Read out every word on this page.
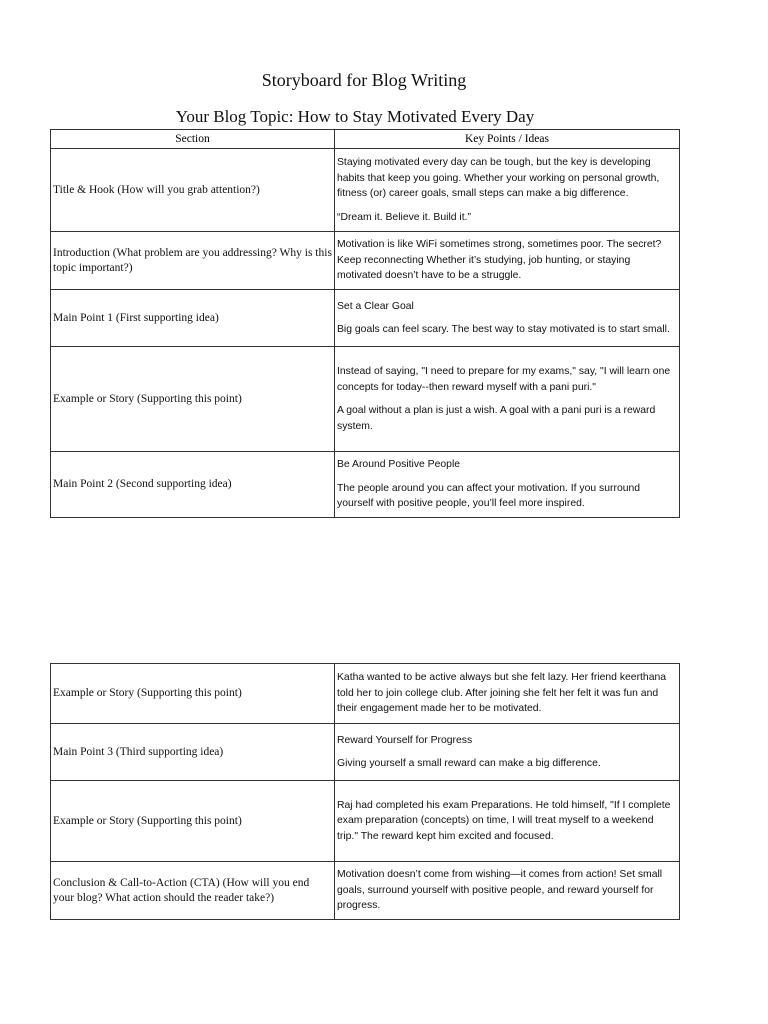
Storyboard for Blog Writing
Your Blog Topic: How to Stay Motivated Every Day
Section	Key Points / Ideas
Title & Hook (How will you grab attention?)	Staying motivated every day can be tough, but the key is developing habits that keep you going. Whether your working on personal growth, fitness (or) career goals, small steps can make a big difference.

“Dream it. Believe it. Build it.”

Introduction (What problem are you addressing? Why is this topic important?)	Motivation is like WiFi sometimes strong, sometimes poor. The secret? Keep reconnecting Whether it’s studying, job hunting, or staying motivated doesn’t have to be a struggle.

Main Point 1 (First supporting idea)	Set a Clear Goal

Big goals can feel scary. The best way to stay motivated is to start small.

Example or Story (Supporting this point)	Instead of saying, "I need to prepare for my exams," say, "I will learn one concepts for today--then reward myself with a pani puri."

A goal without a plan is just a wish. A goal with a pani puri is a reward system.

Main Point 2 (Second supporting idea)	Be Around Positive People

The people around you can affect your motivation. If you surround yourself with positive people, you’ll feel more inspired.

Example or Story (Supporting this point)	Katha wanted to be active always but she felt lazy. Her friend keerthana told her to join college club. After joining she felt her felt it was fun and their engagement made her to be motivated.

Main Point 3 (Third supporting idea)	Reward Yourself for Progress

Giving yourself a small reward can make a big difference.

Example or Story (Supporting this point)	Raj had completed his exam Preparations. He told himself, "If I complete exam preparation (concepts) on time, I will treat myself to a weekend trip." The reward kept him excited and focused.

Conclusion & Call-to-Action (CTA) (How will you end your blog? What action should the reader take?)	Motivation doesn’t come from wishing—it comes from action! Set small goals, surround yourself with positive people, and reward yourself for progress.
